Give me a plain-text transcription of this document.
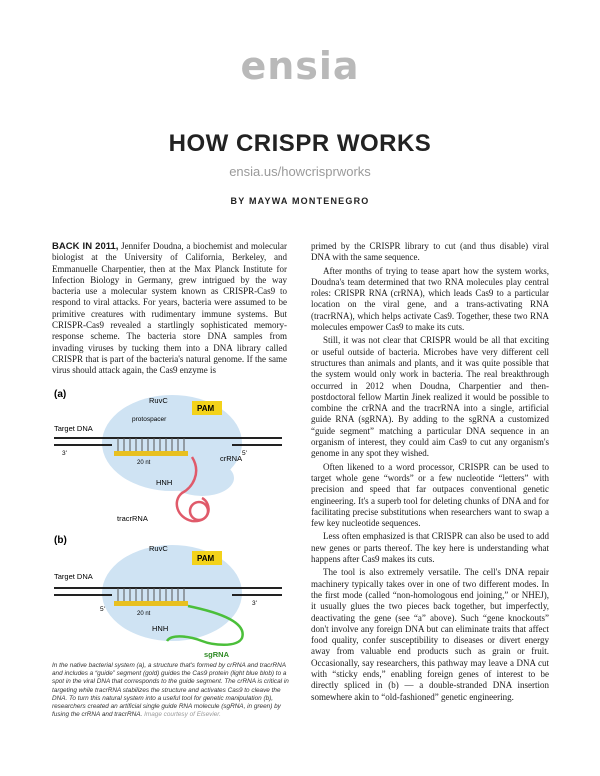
ensia
HOW CRISPR WORKS
ensia.us/howcrisprworks
BY MAYWA MONTENEGRO

BACK IN 2011, Jennifer Doudna, a biochemist and molecular biologist at the University of California, Berkeley, and Emmanuelle Charpentier, then at the Max Planck Institute for Infection Biology in Germany, grew intrigued by the way bacteria use a molecular system known as CRISPR-Cas9 to respond to viral attacks. For years, bacteria were assumed to be primitive creatures with rudimentary immune systems. But CRISPR-Cas9 revealed a startlingly sophisticated memory-response scheme. The bacteria store DNA samples from invading viruses by tucking them into a DNA library called CRISPR that is part of the bacteria's natural genome. If the same virus should attack again, the Cas9 enzyme is

(a)
PAM
RuvC
protospacer
Target DNA
20 nt
HNH
crRNA
3'	5'
tracrRNA
(b)
PAM
RuvC
Target DNA
20 nt
HNH
5'
3'
sgRNA
In the native bacterial system (a), a structure that's formed by crRNA and tracrRNA and includes a “guide” segment (gold) guides the Cas9 protein (light blue blob) to a spot in the viral DNA that corresponds to the guide segment. The crRNA is critical in targeting while tracrRNA stabilizes the structure and activates Cas9 to cleave the DNA. To turn this natural system into a useful tool for genetic manipulation (b), researchers created an artificial single guide RNA molecule (sgRNA, in green) by fusing the crRNA and tracrRNA. Image courtesy of Elsevier.

primed by the CRISPR library to cut (and thus disable) viral DNA with the same sequence.

After months of trying to tease apart how the system works, Doudna's team determined that two RNA molecules play central roles: CRISPR RNA (crRNA), which leads Cas9 to a particular location on the viral gene, and a trans-activating RNA (tracrRNA), which helps activate Cas9. Together, these two RNA molecules empower Cas9 to make its cuts.

Still, it was not clear that CRISPR would be all that exciting or useful outside of bacteria. Microbes have very different cell structures than animals and plants, and it was quite possible that the system would only work in bacteria. The real breakthrough occurred in 2012 when Doudna, Charpentier and then-postdoctoral fellow Martin Jinek realized it would be possible to combine the crRNA and the tracrRNA into a single, artificial guide RNA (sgRNA). By adding to the sgRNA a customized “guide segment” matching a particular DNA sequence in an organism of interest, they could aim Cas9 to cut any organism's genome in any spot they wished.

Often likened to a word processor, CRISPR can be used to target whole gene “words” or a few nucleotide “letters” with precision and speed that far outpaces conventional genetic engineering. It's a superb tool for deleting chunks of DNA and for facilitating precise substitutions when researchers want to swap a few key nucleotide sequences.

Less often emphasized is that CRISPR can also be used to add new genes or parts thereof. The key here is understanding what happens after Cas9 makes its cuts.

The tool is also extremely versatile. The cell's DNA repair machinery typically takes over in one of two different modes. In the first mode (called “non-homologous end joining,” or NHEJ), it usually glues the two pieces back together, but imperfectly, deactivating the gene (see “a” above). Such “gene knockouts” don't involve any foreign DNA but can eliminate traits that affect food quality, confer susceptibility to diseases or divert energy away from valuable end products such as grain or fruit. Occasionally, say researchers, this pathway may leave a DNA cut with “sticky ends,” enabling foreign genes of interest to be directly spliced in (b) — a double-stranded DNA insertion somewhere akin to “old-fashioned” genetic engineering.
